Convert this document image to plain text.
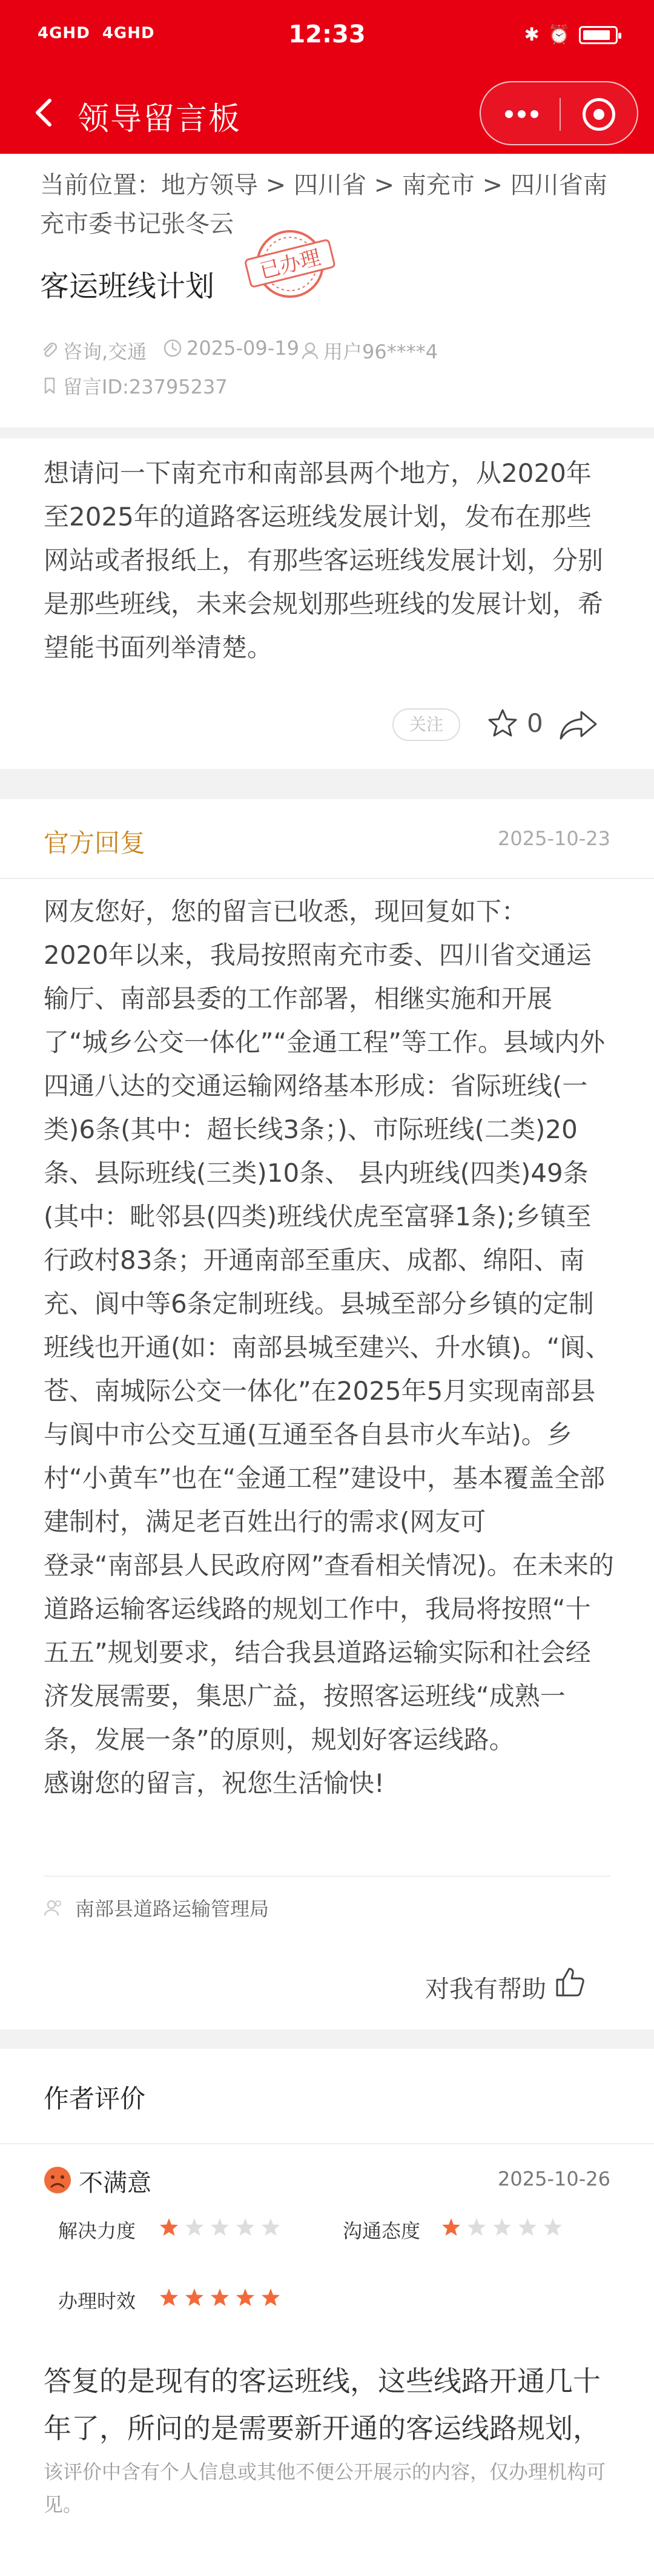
4GHD 4GHD	12:33	✱ ⏰
领导留言板
当前位置：地方领导 > 四川省 > 南充市 > 四川省南充市委书记张冬云
客运班线计划
已办理
咨询,交通 2025-09-19 用户96****4
留言ID:23795237
想请问一下南充市和南部县两个地方，从2020年至2025年的道路客运班线发展计划，发布在那些网站或者报纸上，有那些客运班线发展计划，分别是那些班线，未来会规划那些班线的发展计划，希望能书面列举清楚。
关注	0
官方回复	2025-10-23

网友您好，您的留言已收悉，现回复如下：

2020年以来，我局按照南充市委、四川省交通运输厅、南部县委的工作部署，相继实施和开展了“城乡公交一体化”“金通工程”等工作。县域内外四通八达的交通运输网络基本形成：省际班线(一类)6条(其中：超长线3条；)、市际班线(二类)20条、县际班线(三类)10条、 县内班线(四类)49条(其中：毗邻县(四类)班线伏虎至富驿1条);乡镇至行政村83条；开通南部至重庆、成都、绵阳、南充、阆中等6条定制班线。县城至部分乡镇的定制班线也开通(如：南部县城至建兴、升水镇)。“阆、苍、南城际公交一体化”在2025年5月实现南部县与阆中市公交互通(互通至各自县市火车站)。乡村“小黄车”也在“金通工程”建设中，基本覆盖全部建制村，满足老百姓出行的需求(网友可

登录“南部县人民政府网”查看相关情况)。在未来的道路运输客运线路的规划工作中，我局将按照“十五五”规划要求，结合我县道路运输实际和社会经济发展需要，集思广益，按照客运班线“成熟一条，发展一条”的原则，规划好客运线路。

感谢您的留言，祝您生活愉快!

南部县道路运输管理局
对我有帮助
作者评价
不满意	2025-10-26
解决力度	沟通态度
办理时效
答复的是现有的客运班线，这些线路开通几十年了，所问的是需要新开通的客运线路规划，
该评价中含有个人信息或其他不便公开展示的内容，仅办理机构可见。
